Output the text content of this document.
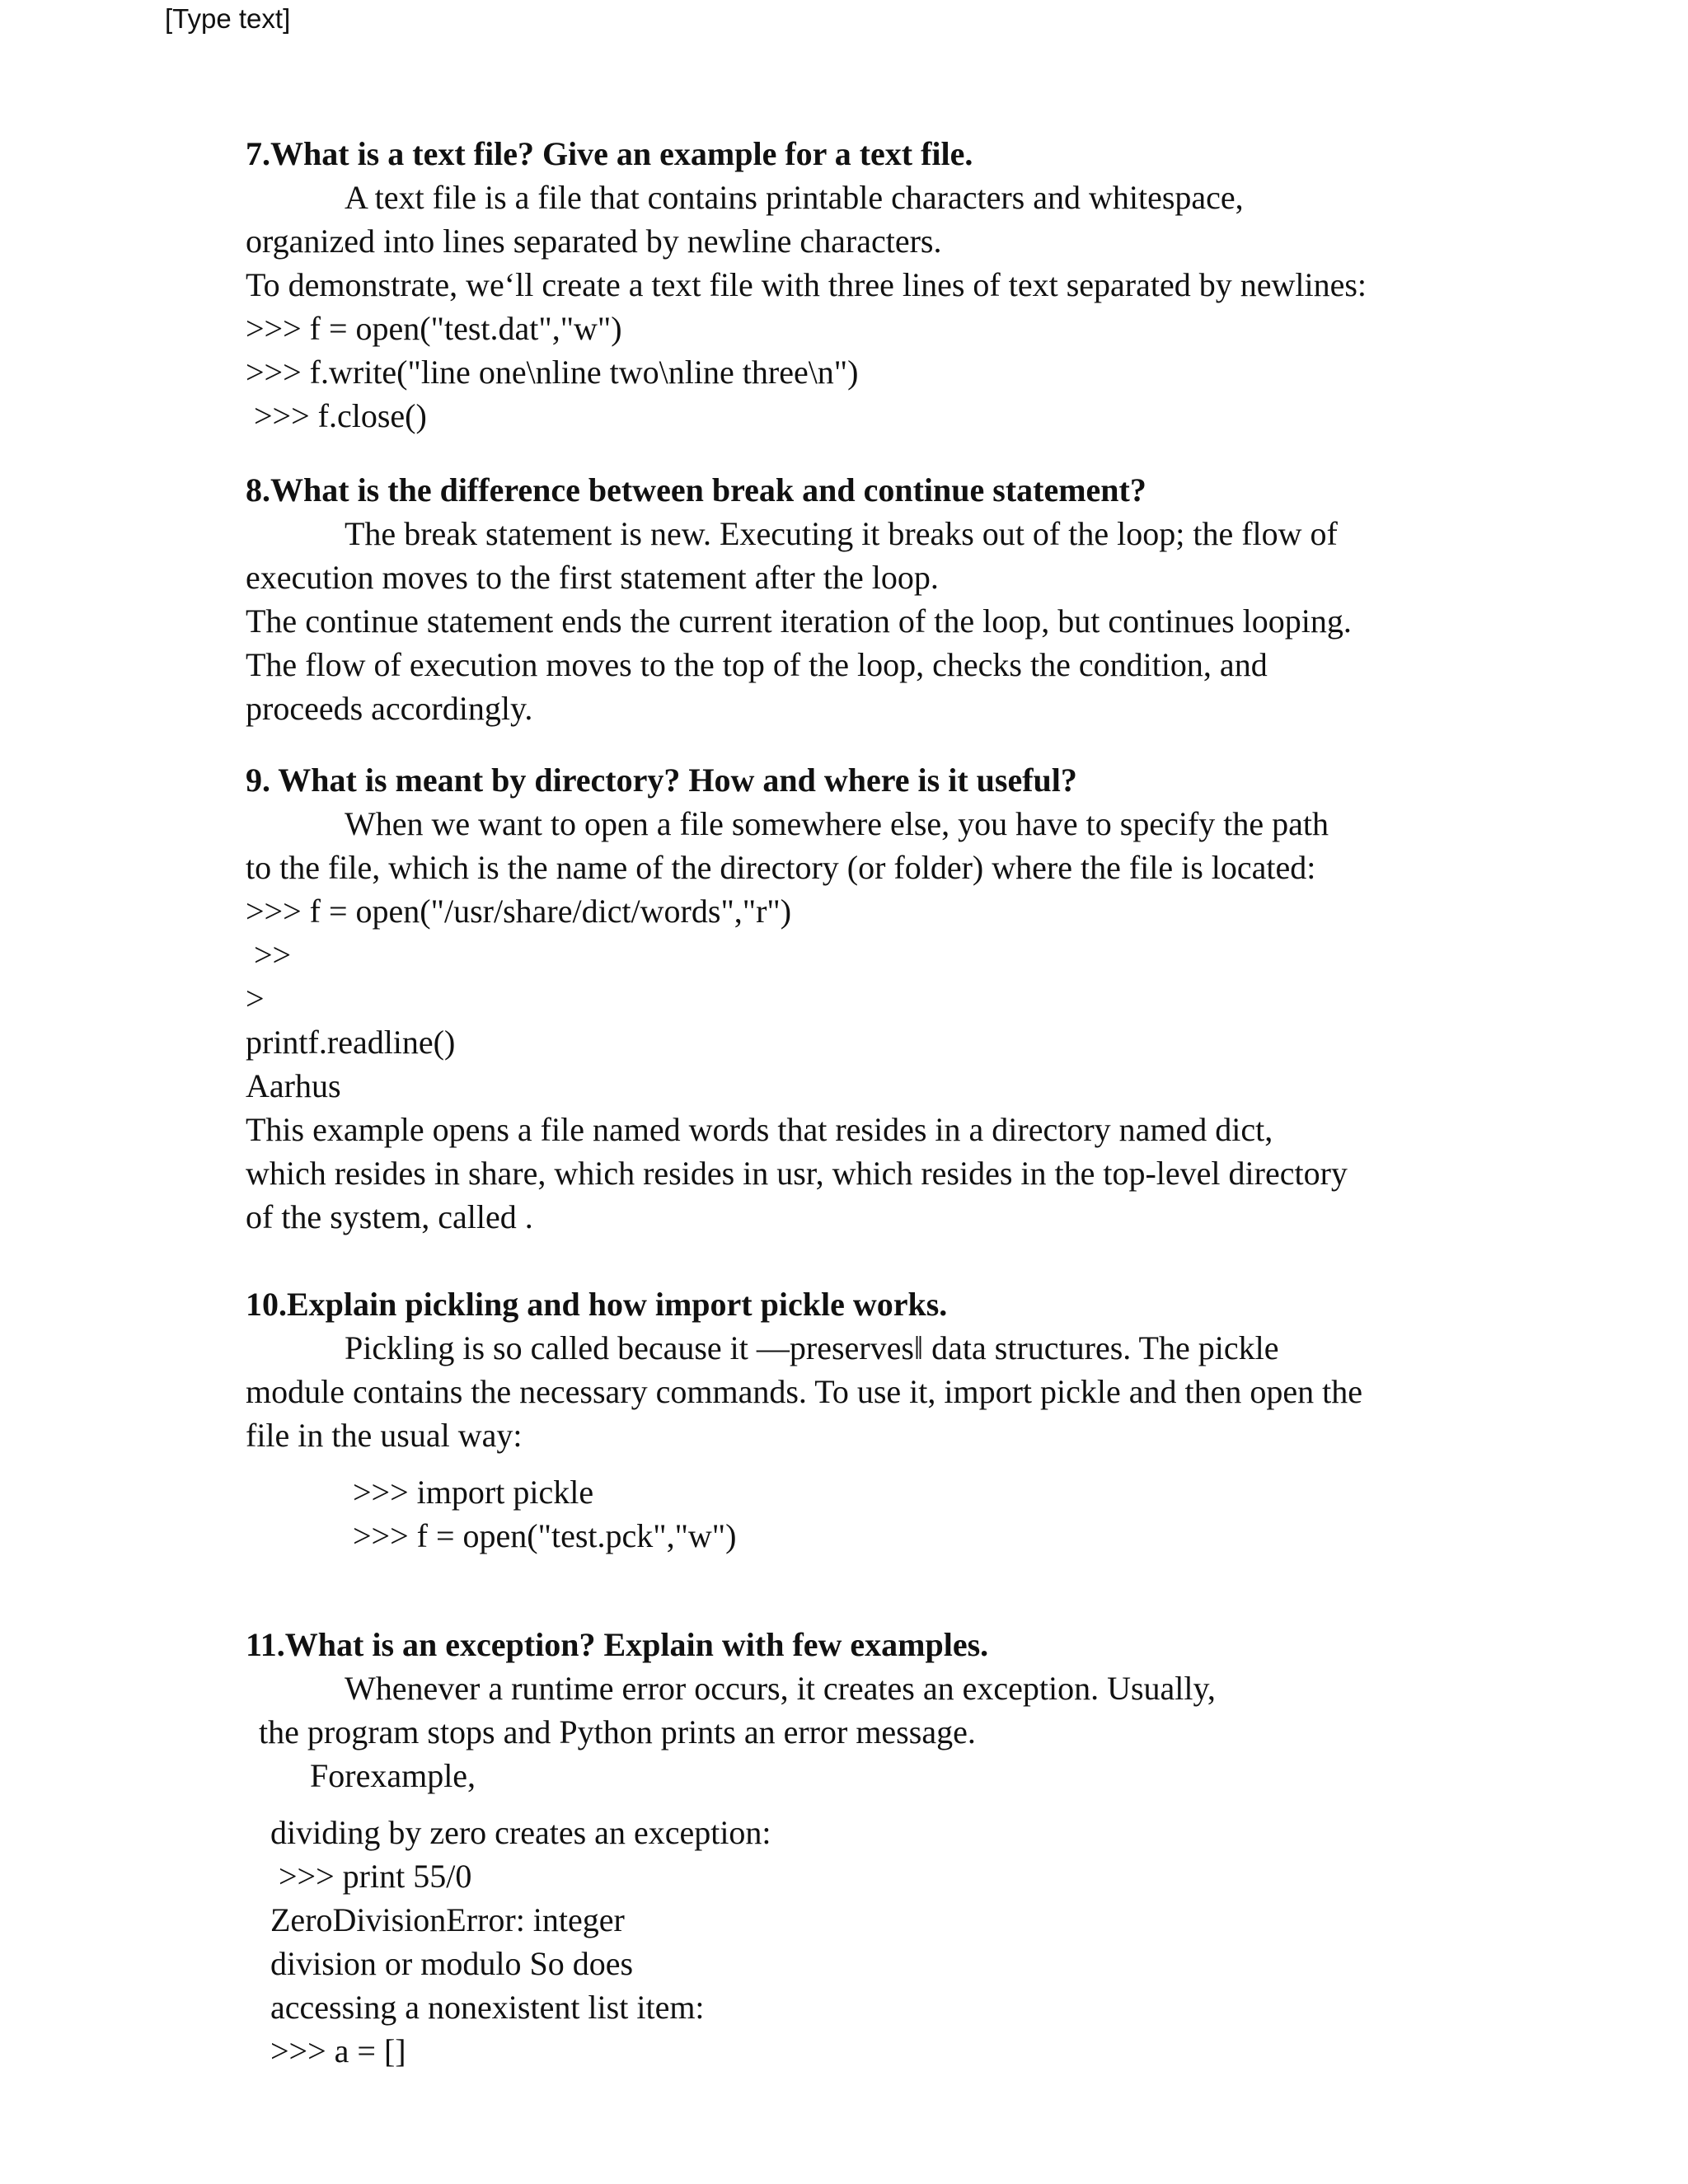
[Type text]

7.What is a text file? Give an example for a text file.

A text file is a file that contains printable characters and whitespace,

organized into lines separated by newline characters.

To demonstrate, we‘ll create a text file with three lines of text separated by newlines:

>>> f = open("test.dat","w")

>>> f.write("line one\nline two\nline three\n")

>>> f.close()

8.What is the difference between break and continue statement?

The break statement is new. Executing it breaks out of the loop; the flow of

execution moves to the first statement after the loop.

The continue statement ends the current iteration of the loop, but continues looping.

The flow of execution moves to the top of the loop, checks the condition, and

proceeds accordingly.

9. What is meant by directory? How and where is it useful?

When we want to open a file somewhere else, you have to specify the path

to the file, which is the name of the directory (or folder) where the file is located:

>>> f = open("/usr/share/dict/words","r")

>>

>

printf.readline()

Aarhus

This example opens a file named words that resides in a directory named dict,

which resides in share, which resides in usr, which resides in the top-level directory

of the system, called .

10.Explain pickling and how import pickle works.

Pickling is so called because it ―preserves‖ data structures. The pickle

module contains the necessary commands. To use it, import pickle and then open the

file in the usual way:

>>> import pickle

>>> f = open("test.pck","w")

11.What is an exception? Explain with few examples.

Whenever a runtime error occurs, it creates an exception. Usually,

the program stops and Python prints an error message.

Forexample,

dividing by zero creates an exception:

>>> print 55/0

ZeroDivisionError: integer

division or modulo So does

accessing a nonexistent list item:

>>> a = []
